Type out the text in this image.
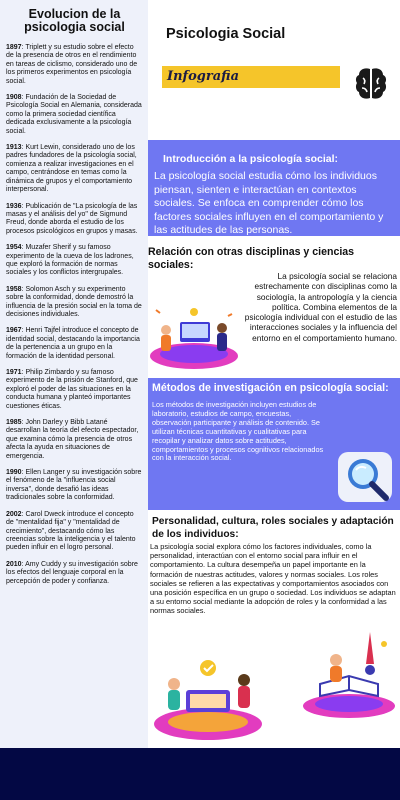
Evolucion de la psicologia social
1897: Triplett y su estudio sobre el efecto de la presencia de otros en el rendimiento en tareas de ciclismo, considerado uno de los primeros experimentos en psicología social.
1908: Fundación de la Sociedad de Psicología Social en Alemania, considerada como la primera sociedad científica dedicada exclusivamente a la psicología social.
1913: Kurt Lewin, considerado uno de los padres fundadores de la psicología social, comienza a realizar investigaciones en el campo, centrándose en temas como la dinámica de grupos y el comportamiento interpersonal.
1936: Publicación de "La psicología de las masas y el análisis del yo" de Sigmund Freud, donde aborda el estudio de los procesos psicológicos en grupos y masas.
1954: Muzafer Sherif y su famoso experimento de la cueva de los ladrones, que exploró la formación de normas sociales y los conflictos intergrupales.
1958: Solomon Asch y su experimento sobre la conformidad, donde demostró la influencia de la presión social en la toma de decisiones individuales.
1967: Henri Tajfel introduce el concepto de identidad social, destacando la importancia de la pertenencia a un grupo en la formación de la identidad personal.
1971: Philip Zimbardo y su famoso experimento de la prisión de Stanford, que exploró el poder de las situaciones en la conducta humana y planteó importantes cuestiones éticas.
1985: John Darley y Bibb Latané desarrollan la teoría del efecto espectador, que examina cómo la presencia de otros afecta la ayuda en situaciones de emergencia.
1990: Ellen Langer y su investigación sobre el fenómeno de la "influencia social inversa", donde desafió las ideas tradicionales sobre la conformidad.
2002: Carol Dweck introduce el concepto de "mentalidad fija" y "mentalidad de crecimiento", destacando cómo las creencias sobre la inteligencia y el talento pueden influir en el logro personal.
2010: Amy Cuddy y su investigación sobre los efectos del lenguaje corporal en la percepción de poder y confianza.
Psicologia Social
Infografia
Introducción a la psicología social:

La psicología social estudia cómo los individuos piensan, sienten e interactúan en contextos sociales. Se enfoca en comprender cómo los factores sociales influyen en el comportamiento y las actitudes de las personas.

Relación con otras disciplinas y ciencias sociales:

La psicología social se relaciona estrechamente con disciplinas como la sociología, la antropología y la ciencia política. Combina elementos de la psicología individual con el estudio de las interacciones sociales y la influencia del entorno en el comportamiento humano.

Métodos de investigación en psicología social:

Los métodos de investigación incluyen estudios de laboratorio, estudios de campo, encuestas, observación participante y análisis de contenido. Se utilizan técnicas cuantitativas y cualitativas para recopilar y analizar datos sobre actitudes, comportamientos y procesos cognitivos relacionados con la interacción social.

Personalidad, cultura, roles sociales y adaptación de los individuos:

La psicología social explora cómo los factores individuales, como la personalidad, interactúan con el entorno social para influir en el comportamiento. La cultura desempeña un papel importante en la formación de nuestras actitudes, valores y normas sociales. Los roles sociales se refieren a las expectativas y comportamientos asociados con una posición específica en un grupo o sociedad. Los individuos se adaptan a su entorno social mediante la adopción de roles y la conformidad a las normas sociales.
